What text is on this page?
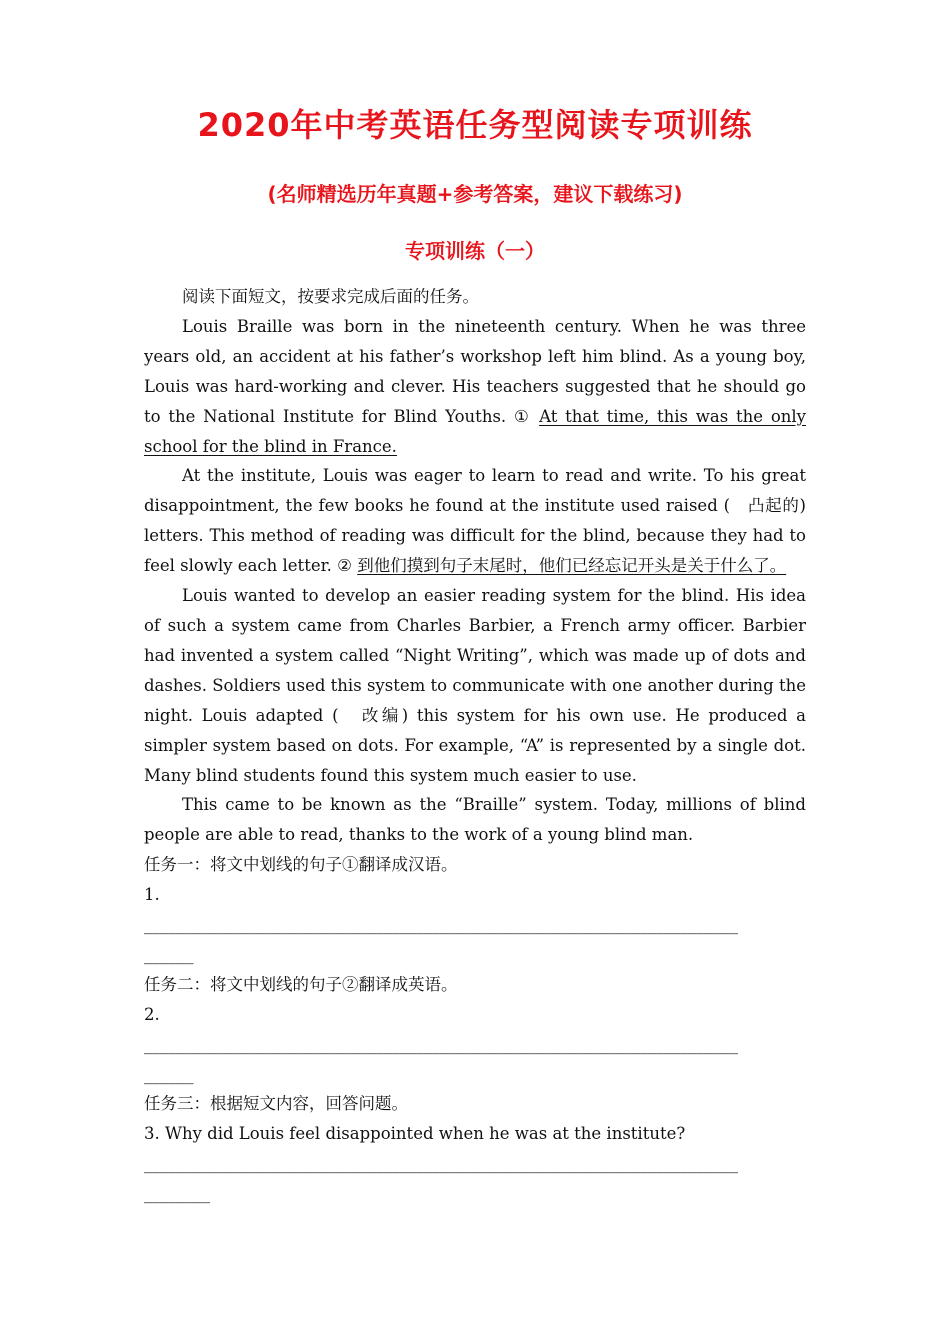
2020年中考英语任务型阅读专项训练
(名师精选历年真题+参考答案，建议下载练习)
专项训练（一）

阅读下面短文，按要求完成后面的任务。

Louis Braille was born in the nineteenth century. When he was three years old, an accident at his father’s workshop left him blind. As a young boy, Louis was hard-working and clever. His teachers suggested that he should go to the National Institute for Blind Youths. ① At that time, this was the only school for the blind in France.

At the institute, Louis was eager to learn to read and write. To his great disappointment, the few books he found at the institute used raised (　凸起的) letters. This method of reading was difficult for the blind, because they had to feel slowly each letter. ② 到他们摸到句子末尾时，他们已经忘记开头是关于什么了。

Louis wanted to develop an easier reading system for the blind. His idea of such a system came from Charles Barbier, a French army officer. Barbier had invented a system called “Night Writing”, which was made up of dots and dashes. Soldiers used this system to communicate with one another during the night. Louis adapted (　改编) this system for his own use. He produced a simpler system based on dots. For example, “A” is represented by a single dot. Many blind students found this system much easier to use.

This came to be known as the “Braille” system. Today, millions of blind people are able to read, thanks to the work of a young blind man.

任务一：将文中划线的句子①翻译成汉语。

1.

________________________________________________________________________

______

任务二：将文中划线的句子②翻译成英语。

2.

________________________________________________________________________

______

任务三：根据短文内容，回答问题。

3. Why did Louis feel disappointed when he was at the institute?

________________________________________________________________________

________
